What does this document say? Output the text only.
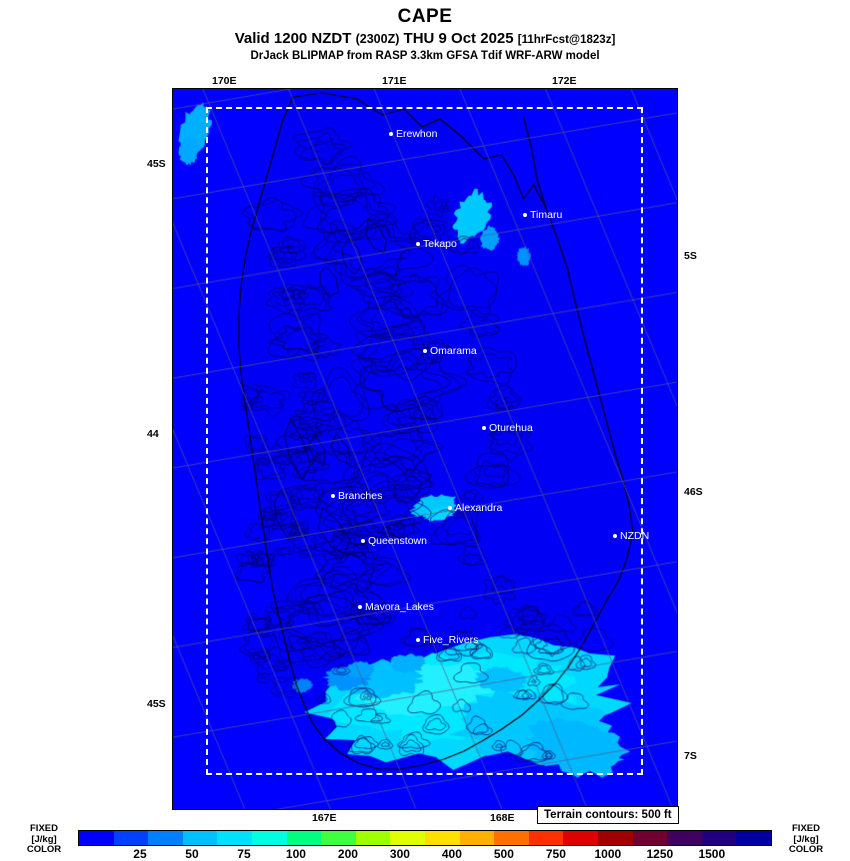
CAPE
Valid 1200 NZDT (2300Z) THU 9 Oct 2025 [11hrFcst@1823z]
DrJack BLIPMAP from RASP 3.3km GFSA Tdif WRF-ARW model
Erewhon
Timaru
Tekapo
Omarama
Oturehua
Branches
Alexandra
Queenstown	NZDN
Mavora_Lakes
Five_Rivers
170E	171E	172E
167E	168E
45S
44
45S
5S
46S
7S
Terrain contours: 500 ft
FIXED
[J/kg]
COLOR	25	50	75	100	200	300	400	500	750 1000 1250 1500
FIXED
[J/kg]
COLOR
